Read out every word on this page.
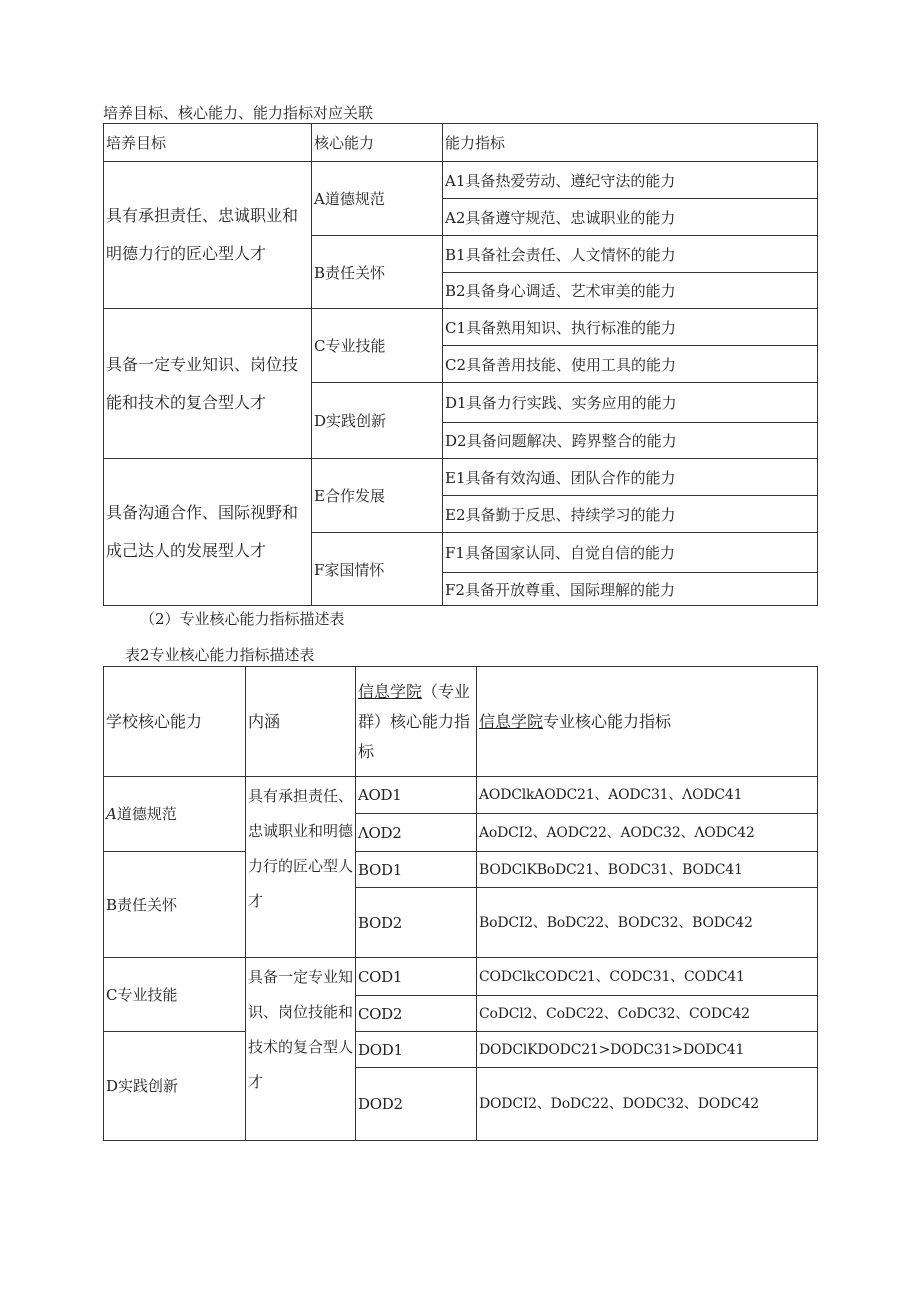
培养目标、核心能力、能力指标对应关联
培养目标	核心能力	能力指标
具有承担责任、忠诚职业和明德力行的匠心型人才	A道德规范	A1具备热爱劳动、遵纪守法的能力
		A2具备遵守规范、忠诚职业的能力
	B责任关怀	B1具备社会责任、人文情怀的能力
		B2具备身心调适、艺术审美的能力
具备一定专业知识、岗位技能和技术的复合型人才	C专业技能	C1具备熟用知识、执行标准的能力
		C2具备善用技能、使用工具的能力
	D实践创新	D1具备力行实践、实务应用的能力
		D2具备问题解决、跨界整合的能力
具备沟通合作、国际视野和成己达人的发展型人才	E合作发展	E1具备有效沟通、团队合作的能力
		E2具备勤于反思、持续学习的能力
	F家国情怀	F1具备国家认同、自觉自信的能力
		F2具备开放尊重、国际理解的能力
（2）专业核心能力指标描述表
表2专业核心能力指标描述表
学校核心能力	内涵	信息学院（专业群）核心能力指标	信息学院专业核心能力指标
A道德规范	具有承担责任、忠诚职业和明德力行的匠心型人才	AOD1	AODClkAODC21、AODC31、ΛODC41
		ΛOD2	AoDCI2、AODC22、AODC32、ΛODC42
B责任关怀		BOD1	BODClKBoDC21、BODC31、BODC41
		BOD2	BoDCI2、BoDC22、BODC32、BODC42
C专业技能	具备一定专业知识、岗位技能和技术的复合型人才	COD1	CODClkCODC21、CODC31、CODC41
		COD2	CoDCl2、CoDC22、CoDC32、CODC42
D实践创新		DOD1	DODClKDODC21>DODC31>DODC41
		DOD2	DODCI2、DoDC22、DODC32、DODC42
